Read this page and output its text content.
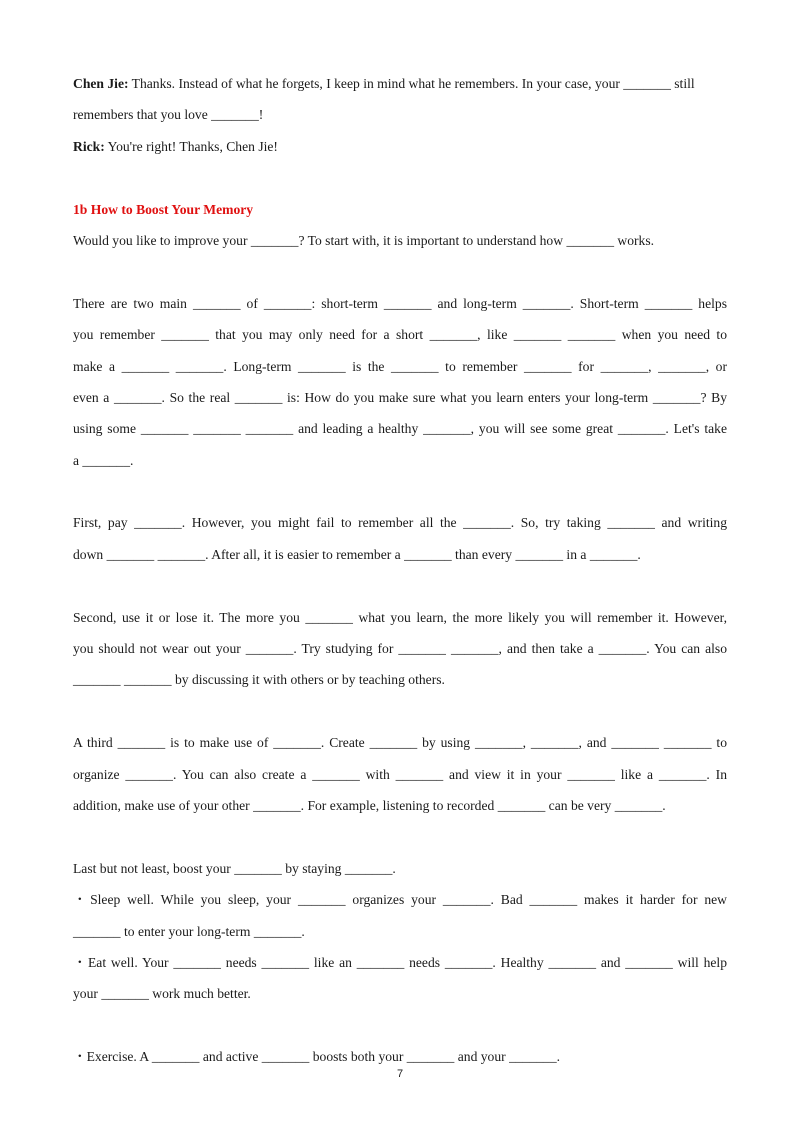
Chen Jie: Thanks. Instead of what he forgets, I keep in mind what he remembers. In your case, your _______ still
remembers that you love _______!
Rick: You're right! Thanks, Chen Jie!
1b How to Boost Your Memory
Would you like to improve your _______? To start with, it is important to understand how _______ works.
There are two main _______ of _______: short-term _______ and long-term _______. Short-term _______ helps
you remember _______ that you may only need for a short _______, like _______ _______ when you need to
make a _______ _______. Long-term _______ is the _______ to remember _______ for _______, _______, or
even a _______. So the real _______ is: How do you make sure what you learn enters your long-term _______? By
using some _______ _______ _______ and leading a healthy _______, you will see some great _______. Let's take
a _______.
First, pay _______. However, you might fail to remember all the _______. So, try taking _______ and writing
down _______ _______. After all, it is easier to remember a _______ than every _______ in a _______.
Second, use it or lose it. The more you _______ what you learn, the more likely you will remember it. However,
you should not wear out your _______. Try studying for _______ _______, and then take a _______. You can also
_______ _______ by discussing it with others or by teaching others.
A third _______ is to make use of _______. Create _______ by using _______, _______, and _______ _______ to
organize _______. You can also create a _______ with _______ and view it in your _______ like a _______. In
addition, make use of your other _______. For example, listening to recorded _______ can be very _______.
Last but not least, boost your _______ by staying _______.
・Sleep well. While you sleep, your _______ organizes your _______. Bad _______ makes it harder for new
_______ to enter your long-term _______.
・Eat well. Your _______ needs _______ like an _______ needs _______. Healthy _______ and _______ will help
your _______ work much better.
・Exercise. A _______ and active _______ boosts both your _______ and your _______.
7
